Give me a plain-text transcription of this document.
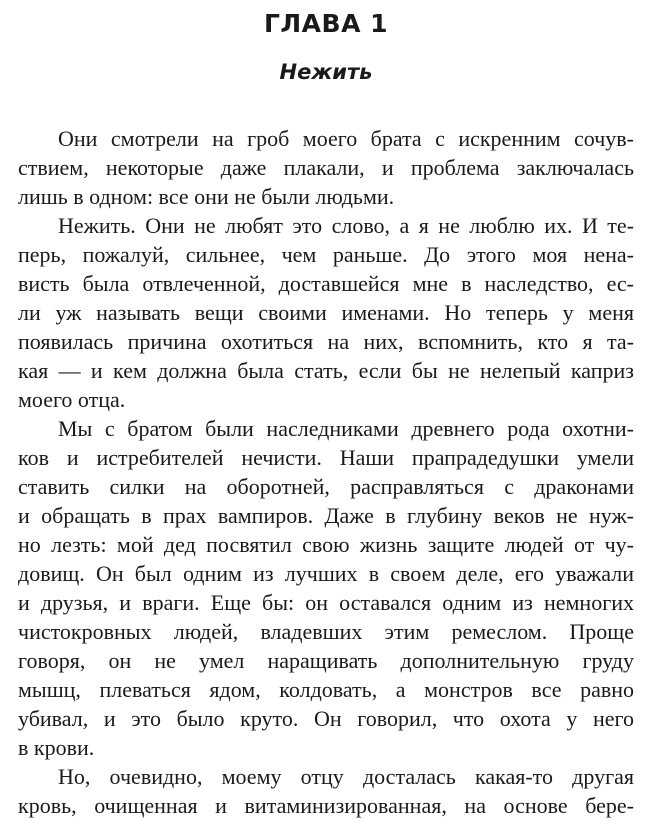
ГЛАВА 1
Нежить
Они смотрели на гроб моего брата с искренним сочув-
ствием, некоторые даже плакали, и проблема заключалась
лишь в одном: все они не были людьми.
Нежить. Они не любят это слово, а я не люблю их. И те-
перь, пожалуй, сильнее, чем раньше. До этого моя нена-
висть была отвлеченной, доставшейся мне в наследство, ес-
ли уж называть вещи своими именами. Но теперь у меня
появилась причина охотиться на них, вспомнить, кто я та-
кая — и кем должна была стать, если бы не нелепый каприз
моего отца.
Мы с братом были наследниками древнего рода охотни-
ков и истребителей нечисти. Наши прапрадедушки умели
ставить силки на оборотней, расправляться с драконами
и обращать в прах вампиров. Даже в глубину веков не нуж-
но лезть: мой дед посвятил свою жизнь защите людей от чу-
довищ. Он был одним из лучших в своем деле, его уважали
и друзья, и враги. Еще бы: он оставался одним из немногих
чистокровных людей, владевших этим ремеслом. Проще
говоря, он не умел наращивать дополнительную груду
мышц, плеваться ядом, колдовать, а монстров все равно
убивал, и это было круто. Он говорил, что охота у него
в крови.
Но, очевидно, моему отцу досталась какая-то другая
кровь, очищенная и витаминизированная, на основе бере-
